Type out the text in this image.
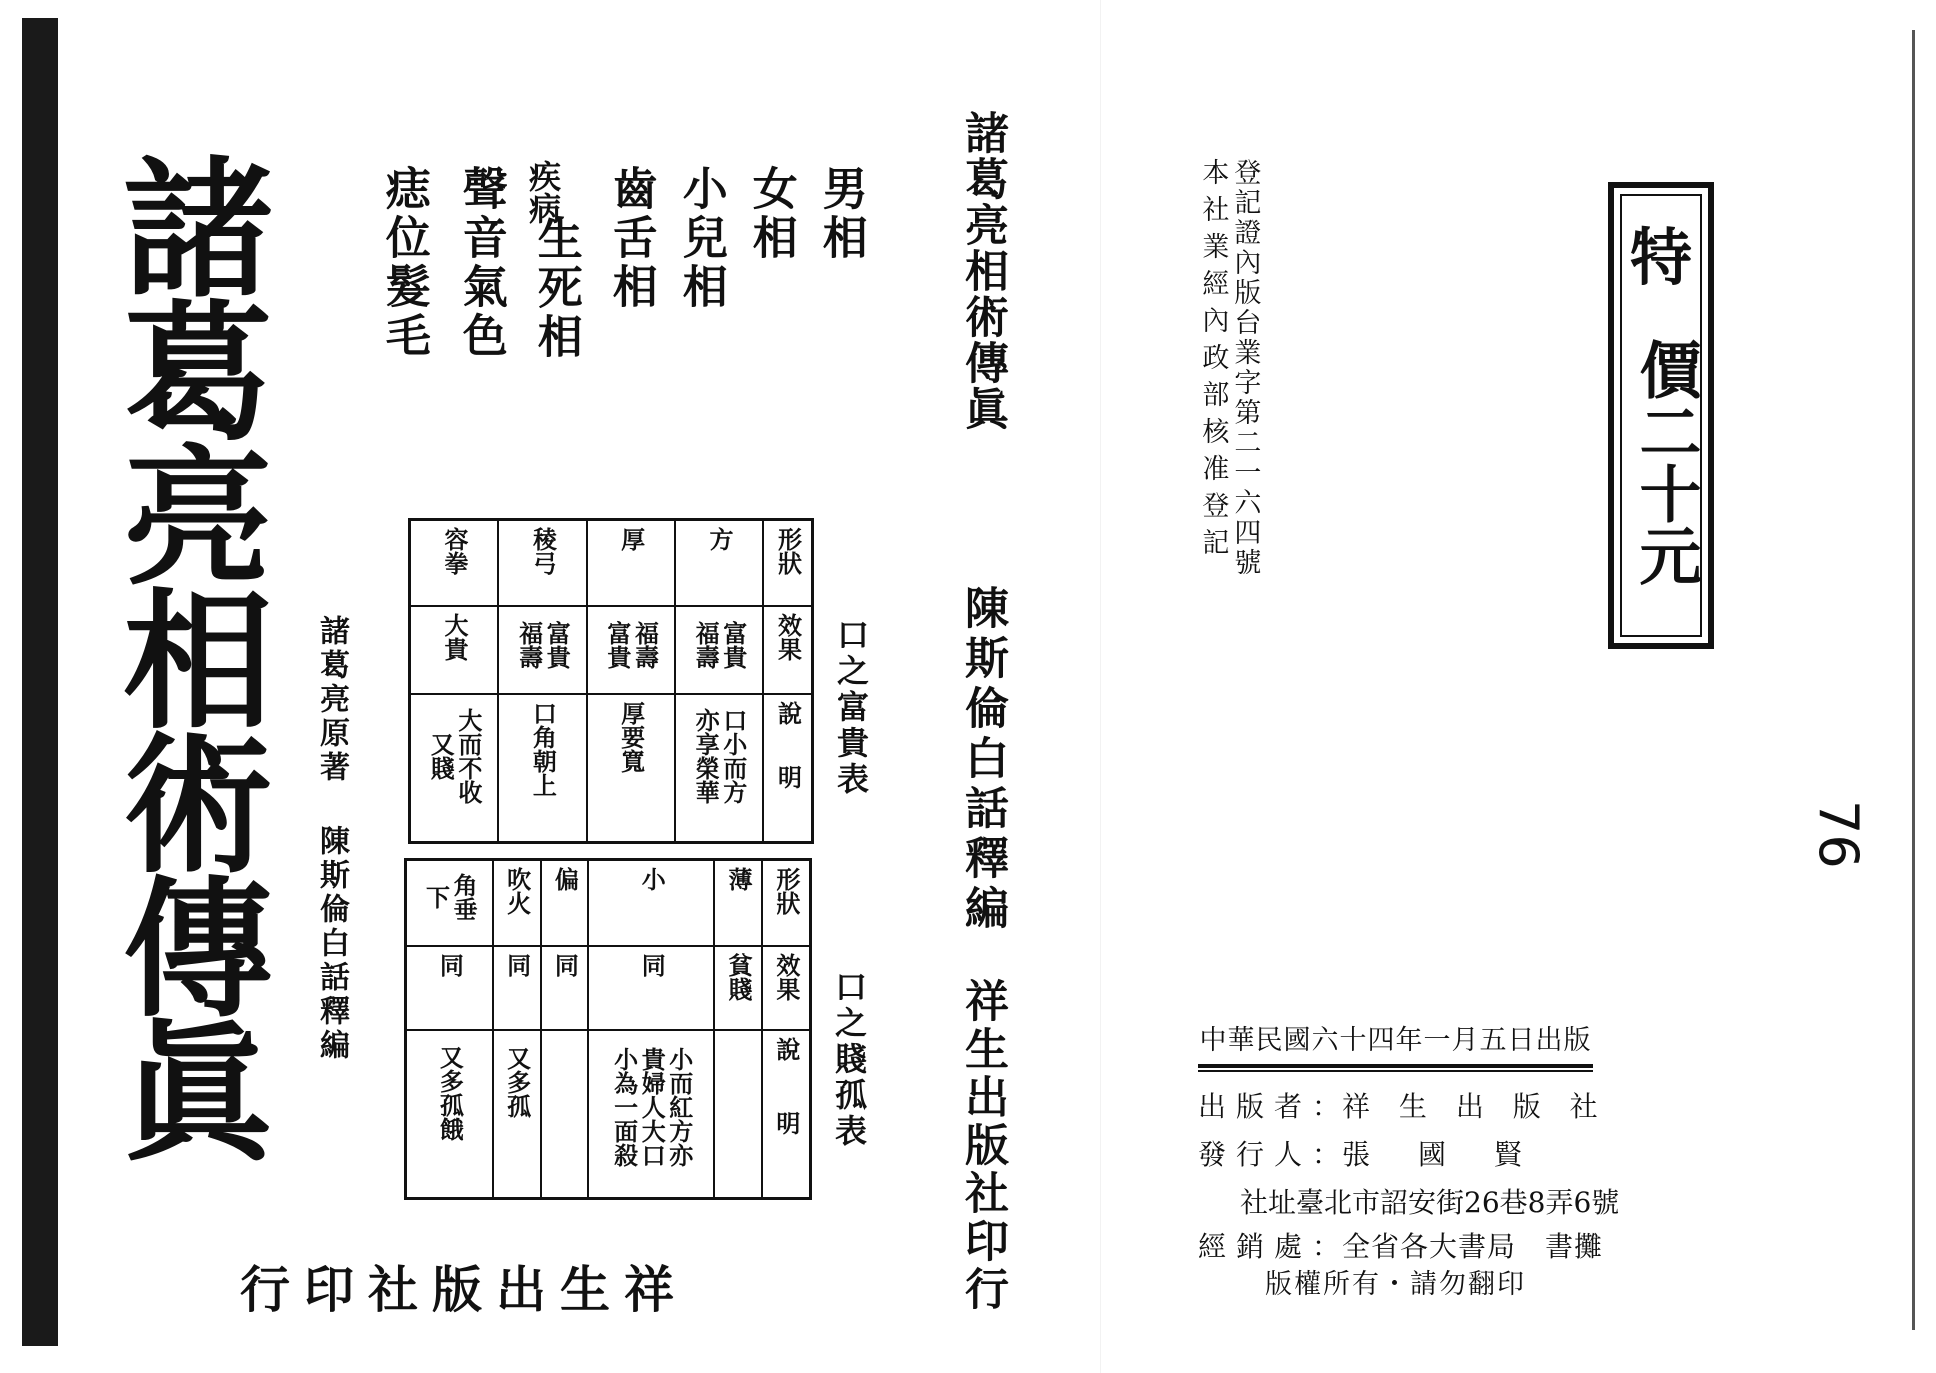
諸葛亮相術傳眞	男相
女相
小兒相
齒舌相
疾病
生死相
聲音氣色
痣位髮毛
諸葛亮原著
陳斯倫白話釋編
容拳	稜弓	厚	方	形狀
大貴	富貴福壽	福壽富貴	富貴福壽	效果
大而不收又賤	口角朝上	厚要寬	口小而方亦享榮華	說明 口之富貴表
角垂下	吹火	偏	小	薄	形狀
同	同	同	同	貧賤	效果
又多孤餓	又多孤		小而紅方亦貴婦人大口小為一面殺		說明 口之賤孤表
祥生出版社印行
諸葛亮相術傳眞
陳斯倫白話釋編
祥生出版社印行
登記證內版台業字第二一六四號
本社業經內政部核准登記	特
價二十元
76
中華民國六十四年一月五日出版
出版者 ： 祥 生 出 版 社
發行人 ： 張　國　賢
社址臺北市詔安街26巷8弄6號
經銷處 ： 全省各大書局　書攤
版權所有・請勿翻印
